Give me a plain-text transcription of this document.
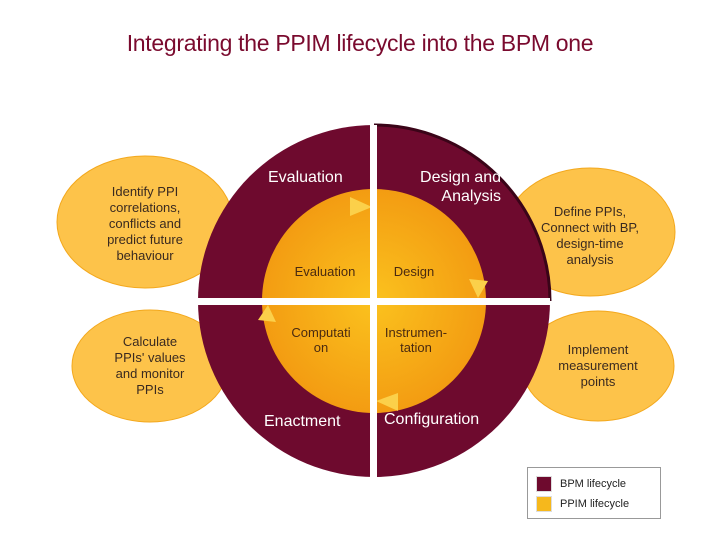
Integrating the PPIM lifecycle into the BPM one
Identify PPI
correlations,
conflicts and
predict future
behaviour
Calculate
PPIs' values
and monitor
PPIs
Define PPIs,
Connect with BP,
design-time
analysis
Implement
measurement
points
Evaluation	Design and
Analysis
Enactment	Configuration
Evaluation	Design
Computati
on
Instrumen-
tation
BPM lifecycle
PPIM lifecycle
